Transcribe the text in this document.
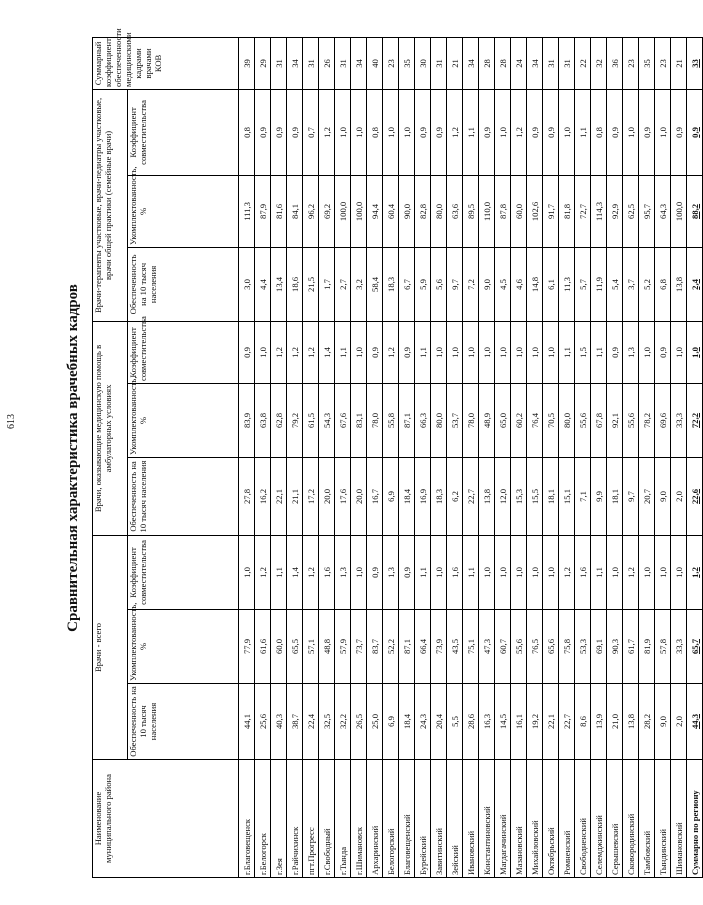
613	Сравнительная характеристика врачебных кадров
Наименование муниципального района	Врачи - всего			Врачи, оказывающие медицинскую помощь в амбулаторных условиях			Врачи-терапевты участковые, врачи-педиатры участковые, врачи общей практики (семейные врачи)			Суммарный коэффициент обеспеченности медицинскими кадрами врачами КОВ
	Обеспеченность на 10 тысяч населения	Укомплектованность, %	Коэффициент совместительства	Обеспеченность на 10 тысяч населения	Укомплектованность, %	Коэффициент совместительства	Обеспеченность на 10 тысяч населения	Укомплектованность, %	Коэффициент совместительства	
г.Благовещенск	44,1	77,9	1,0	27,8	83,9	0,9	3,0	111,3	0,8	39
г.Белогорск	25,6	61,6	1,2	16,2	63,8	1,0	4,4	87,9	0,9	29
г.Зея	40,3	60,0	1,1	22,1	62,8	1,2	13,4	81,6	0,9	31
г.Райчихинск	38,7	65,5	1,4	21,1	79,2	1,2	18,6	84,1	0,9	34
пгт.Прогресс	22,4	57,1	1,2	17,2	61,5	1,2	21,5	96,2	0,7	31
г.Свободный	32,5	48,8	1,6	20,0	54,3	1,4	1,7	69,2	1,2	26
г.Тында	32,2	57,9	1,3	17,6	67,6	1,1	2,7	100,0	1,0	31
г.Шимановск	26,5	73,7	1,0	20,0	83,1	1,0	3,2	100,0	1,0	34
Архаринский	25,0	83,7	0,9	16,7	78,0	0,9	58,4	94,4	0,8	40
Белогорский	6,9	52,2	1,3	6,9	55,8	1,2	18,3	60,4	1,0	23
Благовещенский	18,4	87,1	0,9	18,4	87,1	0,9	6,7	90,0	1,0	35
Бурейский	24,3	66,4	1,1	16,9	66,3	1,1	5,9	82,8	0,9	30
Завитинский	20,4	73,9	1,0	18,3	80,0	1,0	5,6	80,0	0,9	31
Зейский	5,5	43,5	1,6	6,2	53,7	1,0	9,7	63,6	1,2	21
Ивановский	28,6	75,1	1,1	22,7	78,0	1,0	7,2	89,5	1,1	34
Константиновский	16,3	47,3	1,0	13,8	48,9	1,0	9,0	110,0	0,9	28
Магдагачинский	14,5	60,7	1,0	12,0	65,0	1,0	4,5	87,8	1,0	28
Мазановский	16,1	55,6	1,0	15,3	60,2	1,0	4,6	60,0	1,2	24
Михайловский	19,2	76,5	1,0	15,5	76,4	1,0	14,8	102,6	0,9	34
Октябрьский	22,1	65,6	1,0	18,1	70,5	1,0	6,1	91,7	0,9	31
Ромненский	22,7	75,8	1,2	15,1	80,0	1,1	11,3	81,8	1,0	31
Свободненский	8,6	53,3	1,6	7,1	55,6	1,5	5,7	72,7	1,1	22
Селемджинский	13,9	69,1	1,1	9,9	67,8	1,1	11,9	114,3	0,8	32
Серышевский	21,0	90,3	1,0	18,1	92,1	0,9	5,4	92,9	0,9	36
Сковородинский	13,8	61,7	1,2	9,7	55,6	1,3	3,7	62,5	1,0	23
Тамбовский	28,2	81,9	1,0	20,7	78,2	1,0	5,2	95,7	0,9	35
Тындинский	9,0	57,8	1,0	9,0	69,6	0,9	6,8	64,3	1,0	23
Шимановский	2,0	33,3	1,0	2,0	33,3	1,0	13,8	100,0	0,9	21
Суммарно по региону	44,3	65,7	1,2	22,6	72,2	1,0	2,4	88,2	0,9	33
